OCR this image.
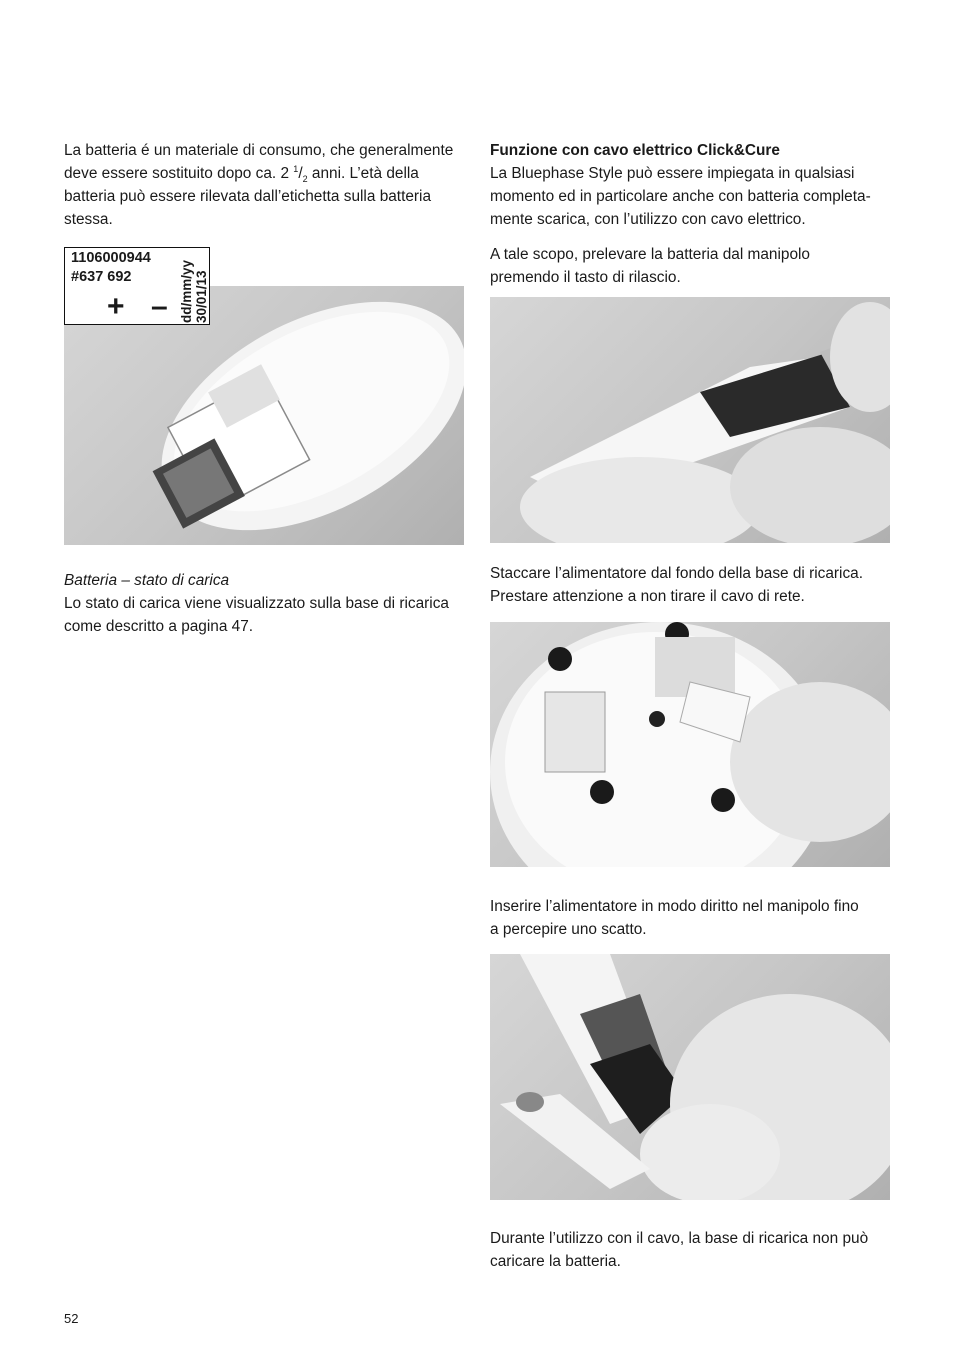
La batteria é un materiale di consumo, che generalmente

deve essere sostituito dopo ca. 2 $^1/_2$ anni. L’età della

batteria può essere rilevata dall’etichetta sulla batteria

stessa.

1106000944
#637 692
+ – dd/mm/yy 30/01/13

Batteria – stato di carica

Lo stato di carica viene visualizzato sulla base di ricarica

come descritto a pagina 47.

Funzione con cavo elettrico Click&Cure

La Bluephase Style può essere impiegata in qualsiasi

momento ed in particolare anche con batteria completa-

mente scarica, con l’utilizzo con cavo elettrico.

A tale scopo, prelevare la batteria dal manipolo

premendo il tasto di rilascio.

Staccare l’alimentatore dal fondo della base di ricarica.

Prestare attenzione a non tirare il cavo di rete.

Inserire l’alimentatore in modo diritto nel manipolo fino

a percepire uno scatto.

Durante l’utilizzo con il cavo, la base di ricarica non può

caricare la batteria.

52
